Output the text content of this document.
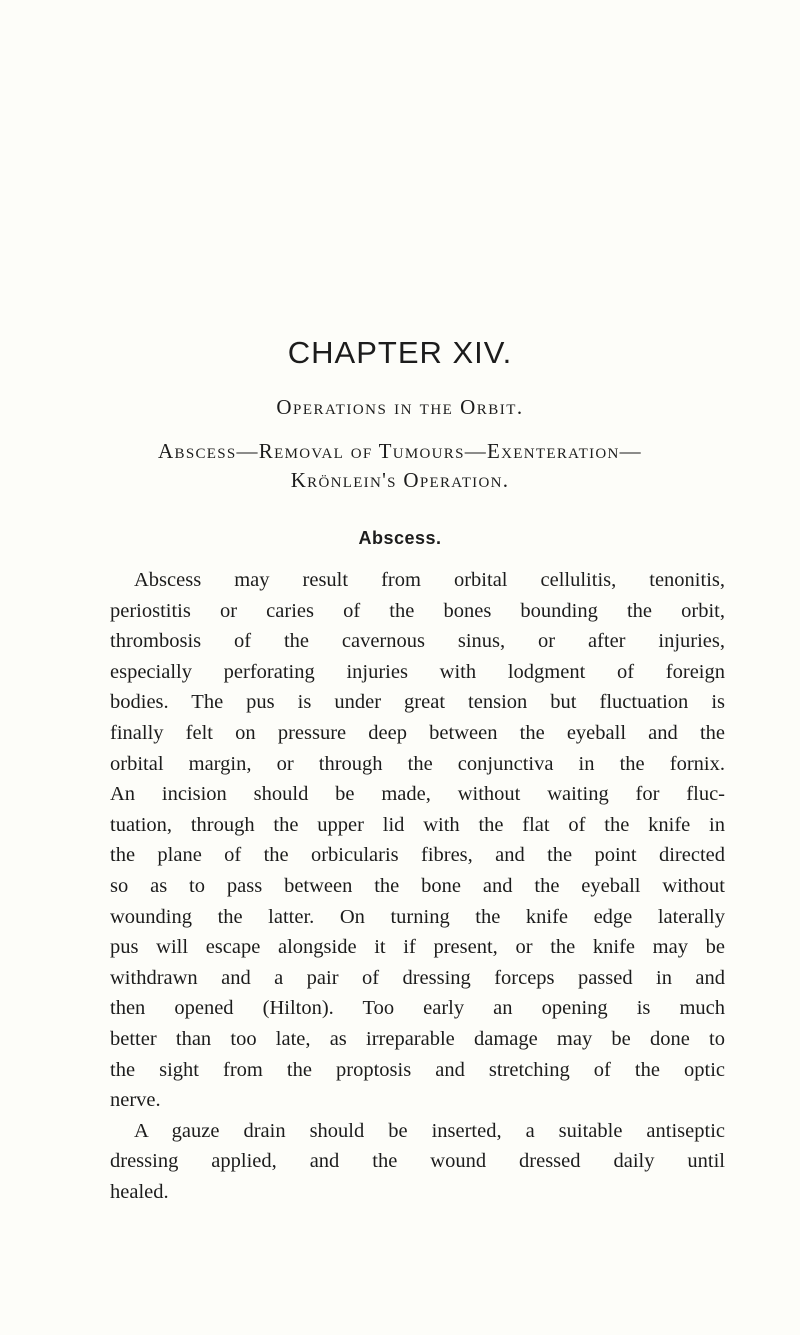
CHAPTER XIV.
Operations in the Orbit.
Abscess—Removal of Tumours—Exenteration—
Krönlein's Operation.
Abscess.
Abscess may result from orbital cellulitis, tenonitis,
periostitis or caries of the bones bounding the orbit,
thrombosis of the cavernous sinus, or after injuries,
especially perforating injuries with lodgment of foreign
bodies. The pus is under great tension but fluctuation is
finally felt on pressure deep between the eyeball and the
orbital margin, or through the conjunctiva in the fornix.
An incision should be made, without waiting for fluc-
tuation, through the upper lid with the flat of the knife in
the plane of the orbicularis fibres, and the point directed
so as to pass between the bone and the eyeball without
wounding the latter. On turning the knife edge laterally
pus will escape alongside it if present, or the knife may be
withdrawn and a pair of dressing forceps passed in and
then opened (Hilton). Too early an opening is much
better than too late, as irreparable damage may be done to
the sight from the proptosis and stretching of the optic
nerve.
A gauze drain should be inserted, a suitable antiseptic
dressing applied, and the wound dressed daily until
healed.
